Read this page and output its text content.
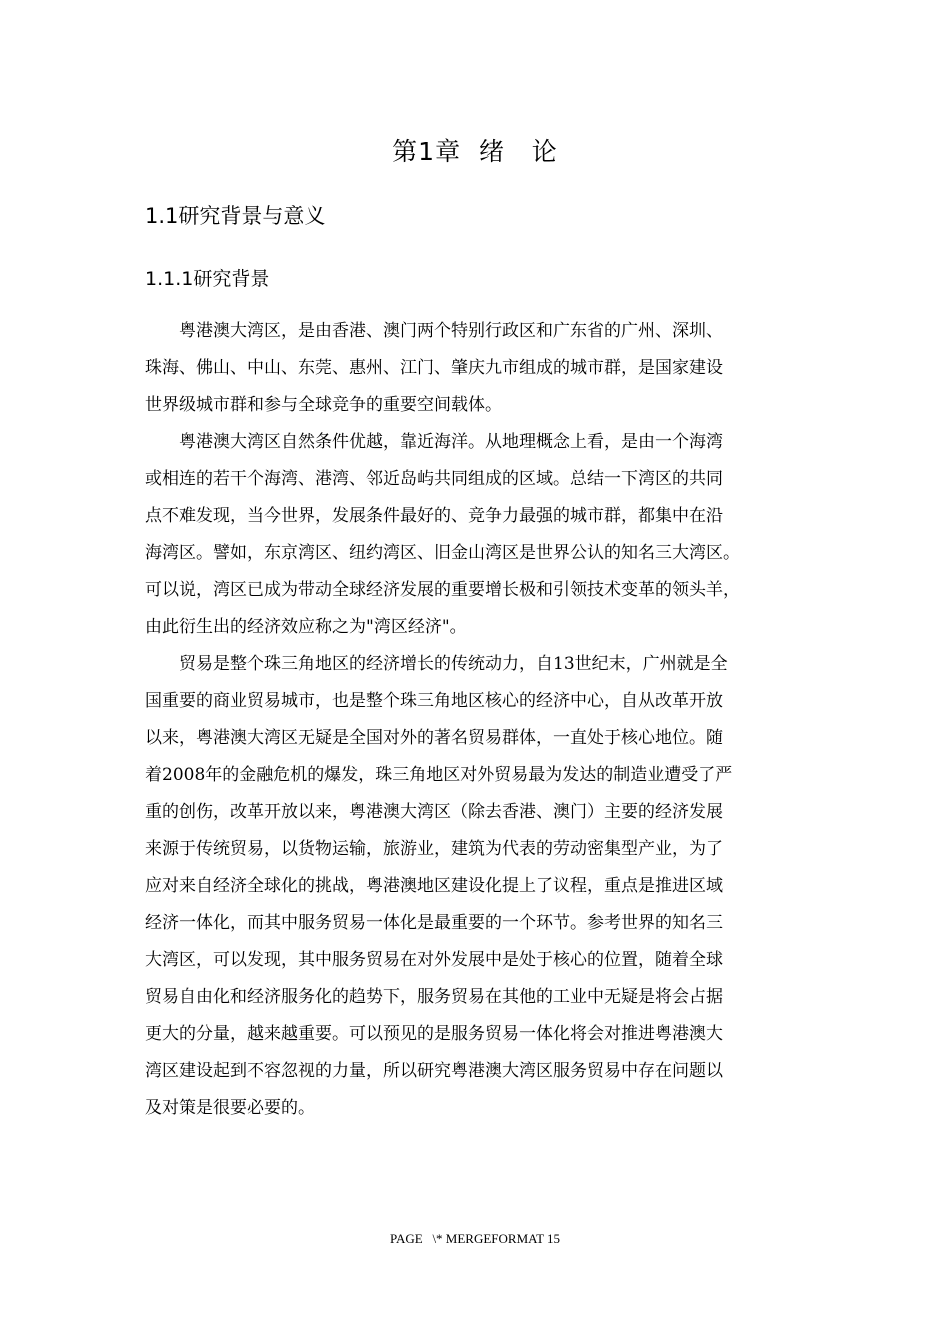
第1章  绪   论
1.1研究背景与意义
1.1.1研究背景

粤港澳大湾区，是由香港、澳门两个特别行政区和广东省的广州、深圳、
珠海、佛山、中山、东莞、惠州、江门、肇庆九市组成的城市群，是国家建设
世界级城市群和参与全球竞争的重要空间载体。

粤港澳大湾区自然条件优越，靠近海洋。从地理概念上看，是由一个海湾
或相连的若干个海湾、港湾、邻近岛屿共同组成的区域。总结一下湾区的共同
点不难发现，当今世界，发展条件最好的、竞争力最强的城市群，都集中在沿
海湾区。譬如，东京湾区、纽约湾区、旧金山湾区是世界公认的知名三大湾区。
可以说，湾区已成为带动全球经济发展的重要增长极和引领技术变革的领头羊，
由此衍生出的经济效应称之为"湾区经济"。

贸易是整个珠三角地区的经济增长的传统动力，自13世纪末，广州就是全
国重要的商业贸易城市，也是整个珠三角地区核心的经济中心，自从改革开放
以来，粤港澳大湾区无疑是全国对外的著名贸易群体，一直处于核心地位。随
着2008年的金融危机的爆发，珠三角地区对外贸易最为发达的制造业遭受了严
重的创伤，改革开放以来，粤港澳大湾区（除去香港、澳门）主要的经济发展
来源于传统贸易，以货物运输，旅游业，建筑为代表的劳动密集型产业，为了
应对来自经济全球化的挑战，粤港澳地区建设化提上了议程，重点是推进区域
经济一体化，而其中服务贸易一体化是最重要的一个环节。参考世界的知名三
大湾区，可以发现，其中服务贸易在对外发展中是处于核心的位置，随着全球
贸易自由化和经济服务化的趋势下，服务贸易在其他的工业中无疑是将会占据
更大的分量，越来越重要。可以预见的是服务贸易一体化将会对推进粤港澳大
湾区建设起到不容忽视的力量，所以研究粤港澳大湾区服务贸易中存在问题以
及对策是很要必要的。

PAGE   \* MERGEFORMAT 15
